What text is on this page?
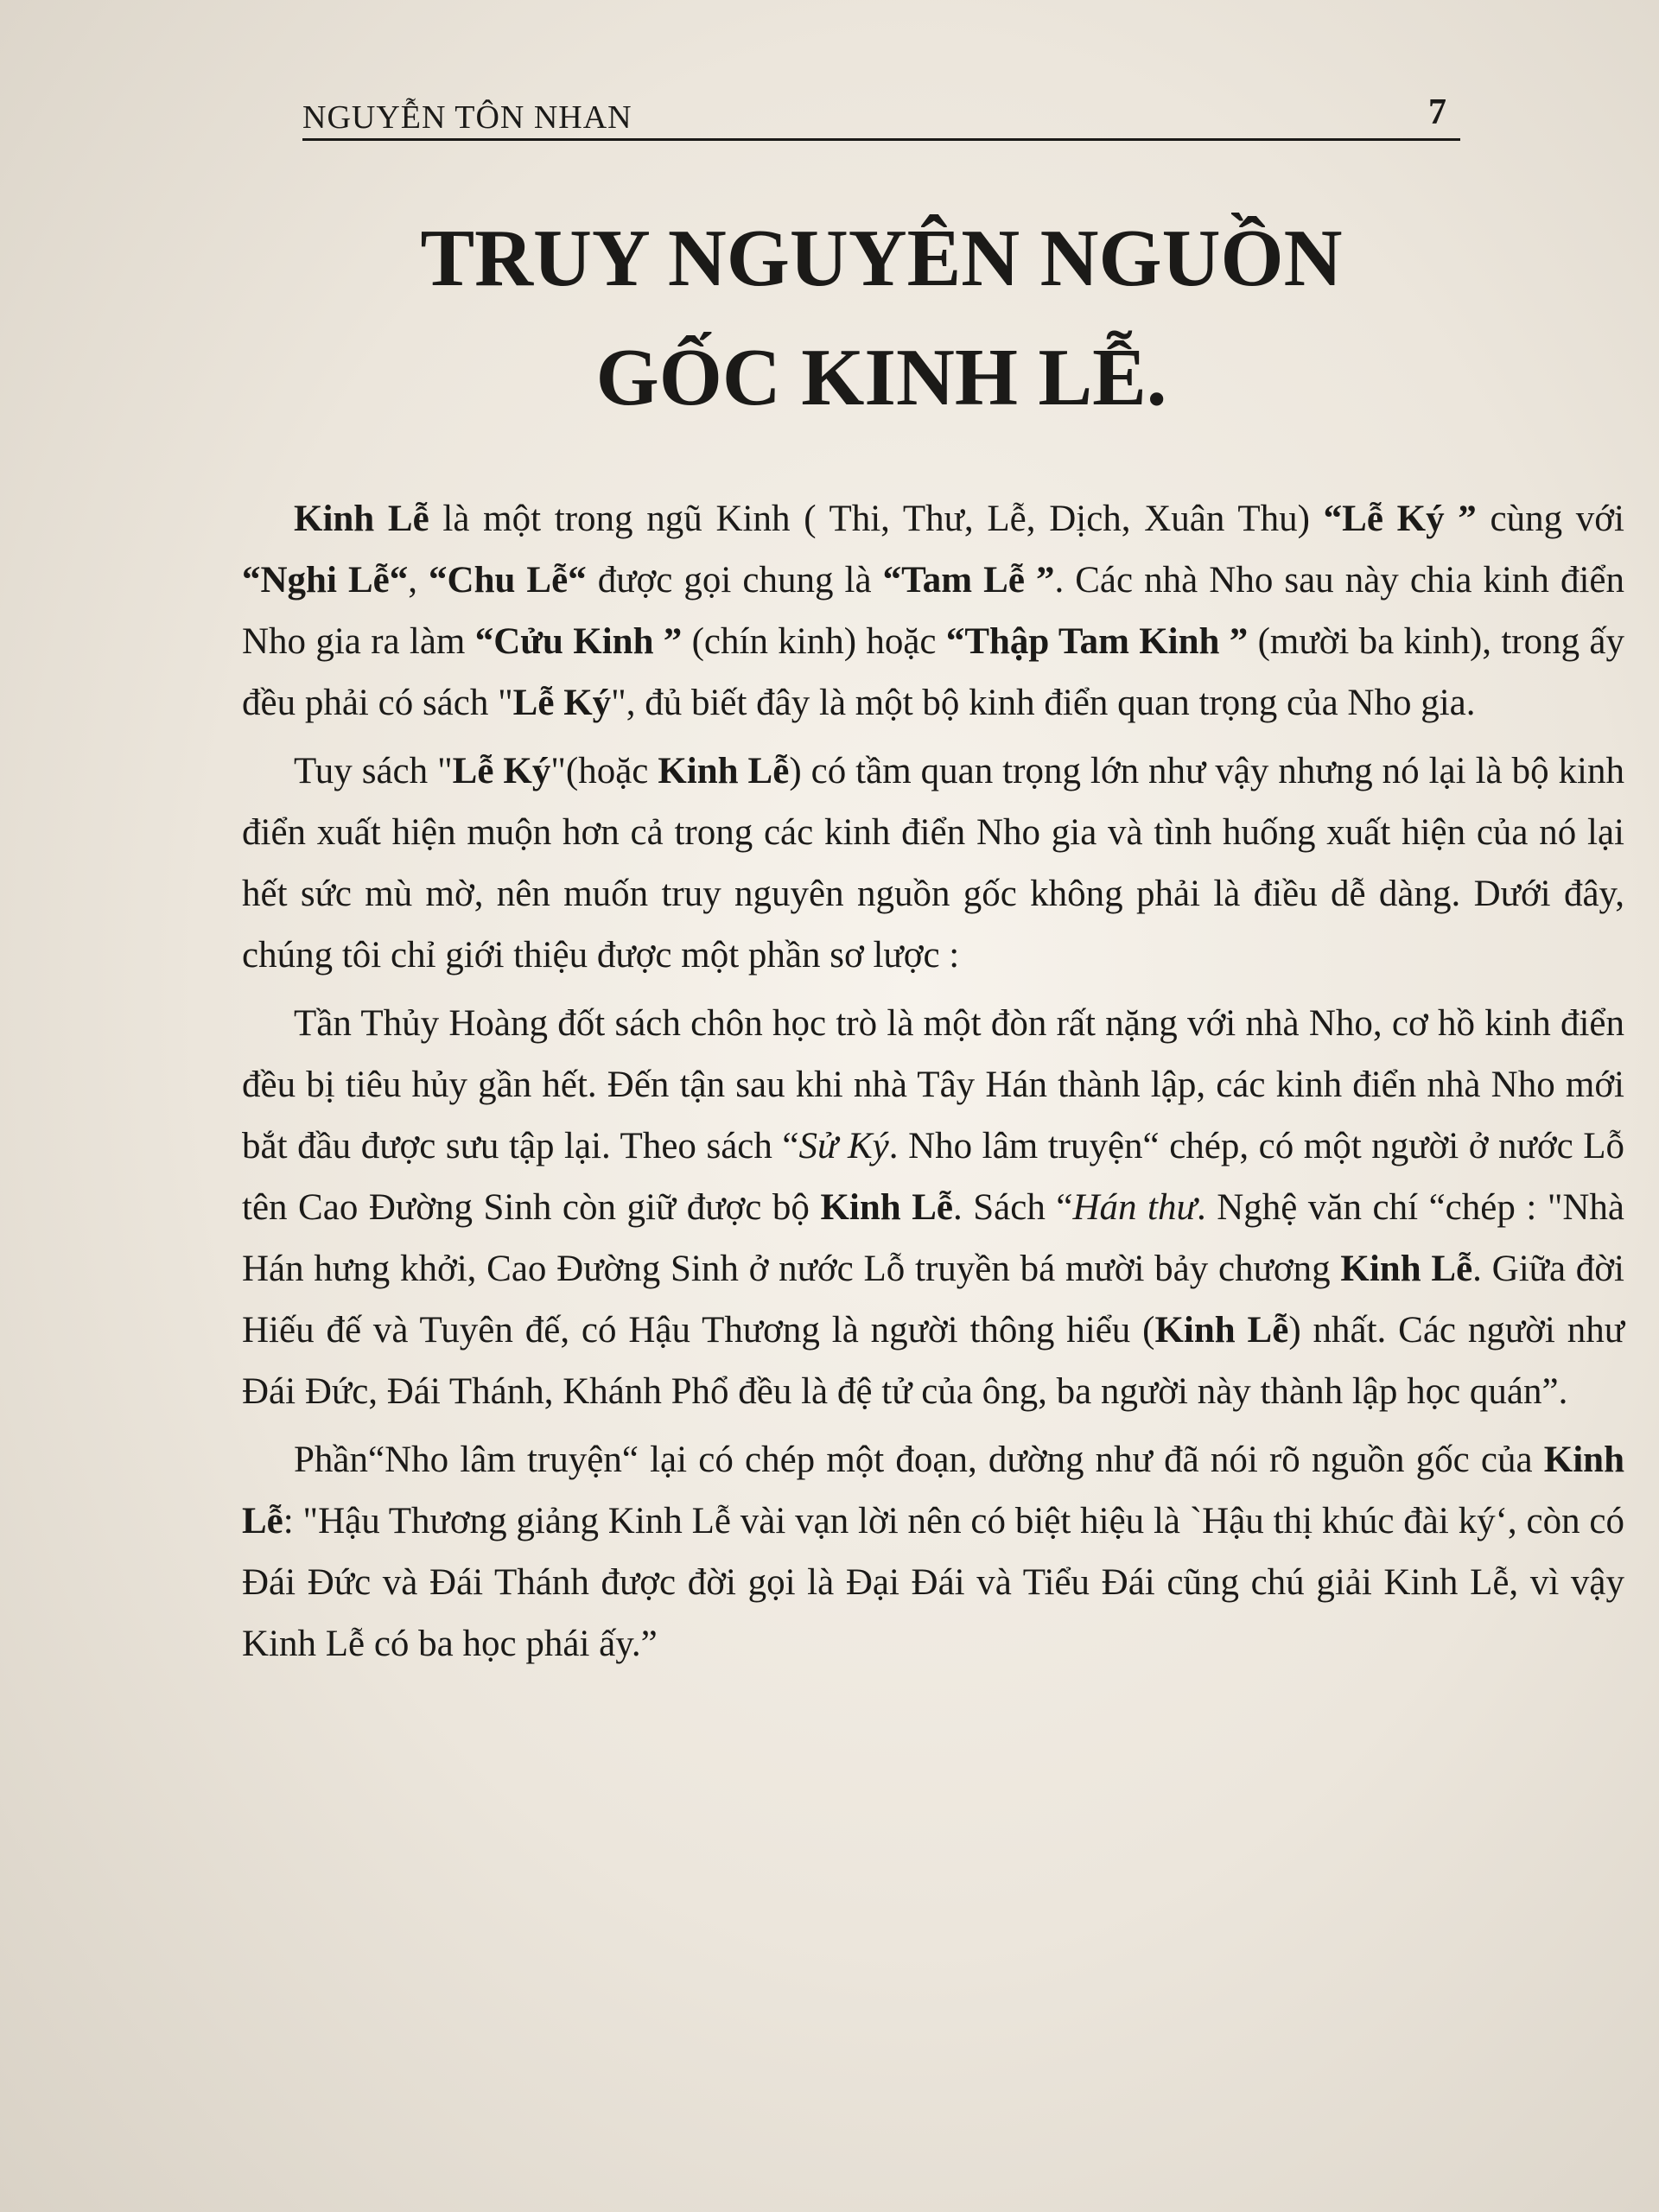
NGUYỄN TÔN NHAN	7
TRUY NGUYÊN NGUỒN
GỐC KINH LỄ.

Kinh Lễ là một trong ngũ Kinh ( Thi, Thư, Lễ, Dịch, Xuân Thu) “Lễ Ký ” cùng với “Nghi Lễ“, “Chu Lễ“ được gọi chung là “Tam Lễ ”. Các nhà Nho sau này chia kinh điển Nho gia ra làm “Cửu Kinh ” (chín kinh) hoặc “Thập Tam Kinh ” (mười ba kinh), trong ấy đều phải có sách "Lễ Ký", đủ biết đây là một bộ kinh điển quan trọng của Nho gia.

Tuy sách "Lễ Ký"(hoặc Kinh Lễ) có tầm quan trọng lớn như vậy nhưng nó lại là bộ kinh điển xuất hiện muộn hơn cả trong các kinh điển Nho gia và tình huống xuất hiện của nó lại hết sức mù mờ, nên muốn truy nguyên nguồn gốc không phải là điều dễ dàng. Dưới đây, chúng tôi chỉ giới thiệu được một phần sơ lược :

Tần Thủy Hoàng đốt sách chôn học trò là một đòn rất nặng với nhà Nho, cơ hồ kinh điển đều bị tiêu hủy gần hết. Đến tận sau khi nhà Tây Hán thành lập, các kinh điển nhà Nho mới bắt đầu được sưu tập lại. Theo sách “Sử Ký. Nho lâm truyện“ chép, có một người ở nước Lỗ tên Cao Đường Sinh còn giữ được bộ Kinh Lễ. Sách “Hán thư. Nghệ văn chí “chép : "Nhà Hán hưng khởi, Cao Đường Sinh ở nước Lỗ truyền bá mười bảy chương Kinh Lễ. Giữa đời Hiếu đế và Tuyên đế, có Hậu Thương là người thông hiểu (Kinh Lễ) nhất. Các người như Đái Đức, Đái Thánh, Khánh Phổ đều là đệ tử của ông, ba người này thành lập học quán”.

Phần“Nho lâm truyện“ lại có chép một đoạn, dường như đã nói rõ nguồn gốc của Kinh Lễ: "Hậu Thương giảng Kinh Lễ vài vạn lời nên có biệt hiệu là `Hậu thị khúc đài ký‘, còn có Đái Đức và Đái Thánh được đời gọi là Đại Đái và Tiểu Đái cũng chú giải Kinh Lễ, vì vậy Kinh Lễ có ba học phái ấy.”
